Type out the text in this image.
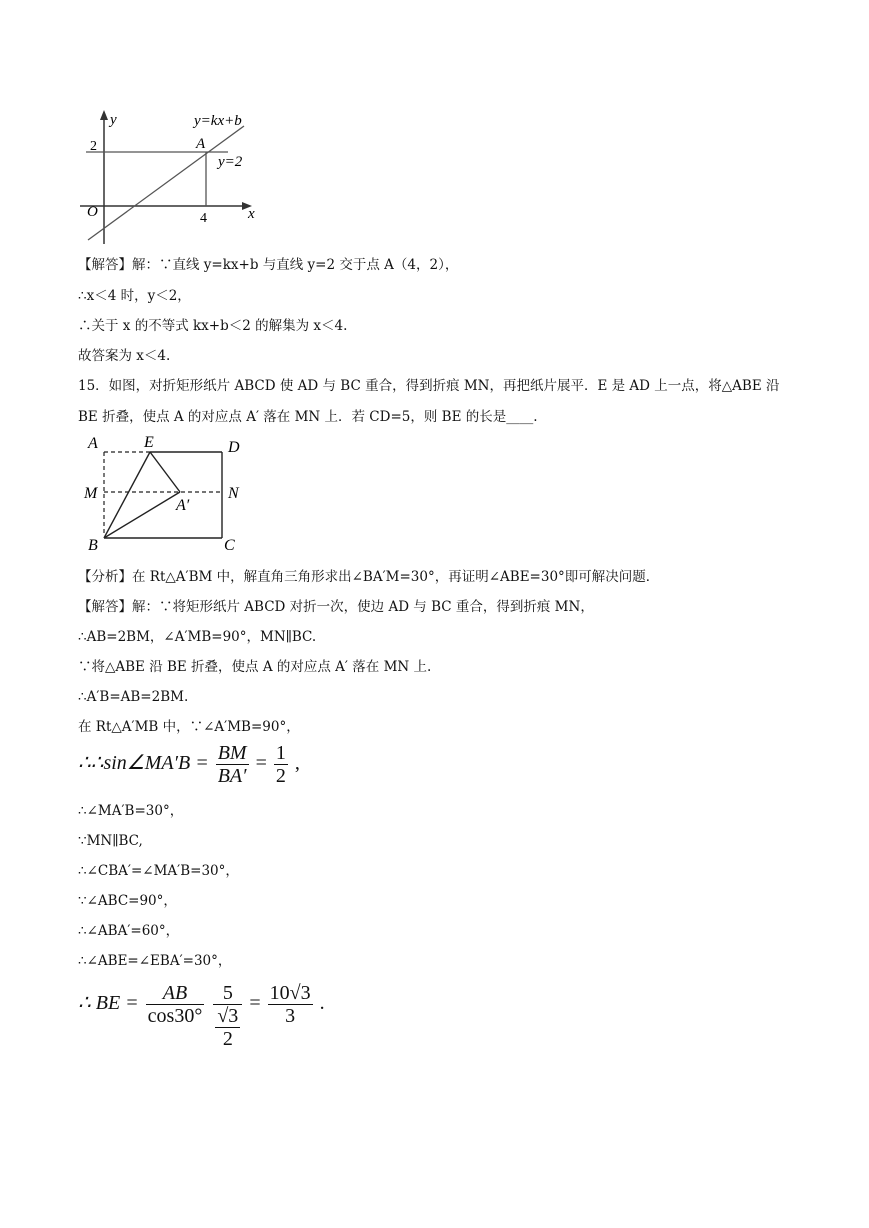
y
x
O
2
4
A
y=kx+b
y=2
【解答】解：∵直线 y=kx+b 与直线 y=2 交于点 A（4，2），
∴x＜4 时，y＜2，
∴关于 x 的不等式 kx+b＜2 的解集为 x＜4.
故答案为 x＜4.
15．如图，对折矩形纸片 ABCD 使 AD 与 BC 重合，得到折痕 MN，再把纸片展平．E 是 AD 上一点，将△ABE 沿
BE 折叠，使点 A 的对应点 A′ 落在 MN 上．若 CD=5，则 BE 的长是____.
A	E	D
M	N
A′
B	C
【分析】在 Rt△A′BM 中，解直角三角形求出∠BA′M=30°，再证明∠ABE=30°即可解决问题．
【解答】解：∵将矩形纸片 ABCD 对折一次，使边 AD 与 BC 重合，得到折痕 MN，
∴AB=2BM，∠A′MB=90°，MN∥BC.
∵将△ABE 沿 BE 折叠，使点 A 的对应点 A′ 落在 MN 上.
∴A′B=AB=2BM.
在 Rt△A′MB 中，∵∠A′MB=90°，
∴∴sin∠MA′B = $\frac{BM}{BA'} = \frac{1}{2}$ ,
∴∠MA′B=30°，
∵MN∥BC,
∴∠CBA′=∠MA′B=30°，
∵∠ABC=90°，
∴∠ABA′=60°，
∴∠ABE=∠EBA′=30°，
∴ BE = $\frac{AB}{\cos 30^\circ}$
5
√3
$2 = \frac{10√3}{3}$ .
